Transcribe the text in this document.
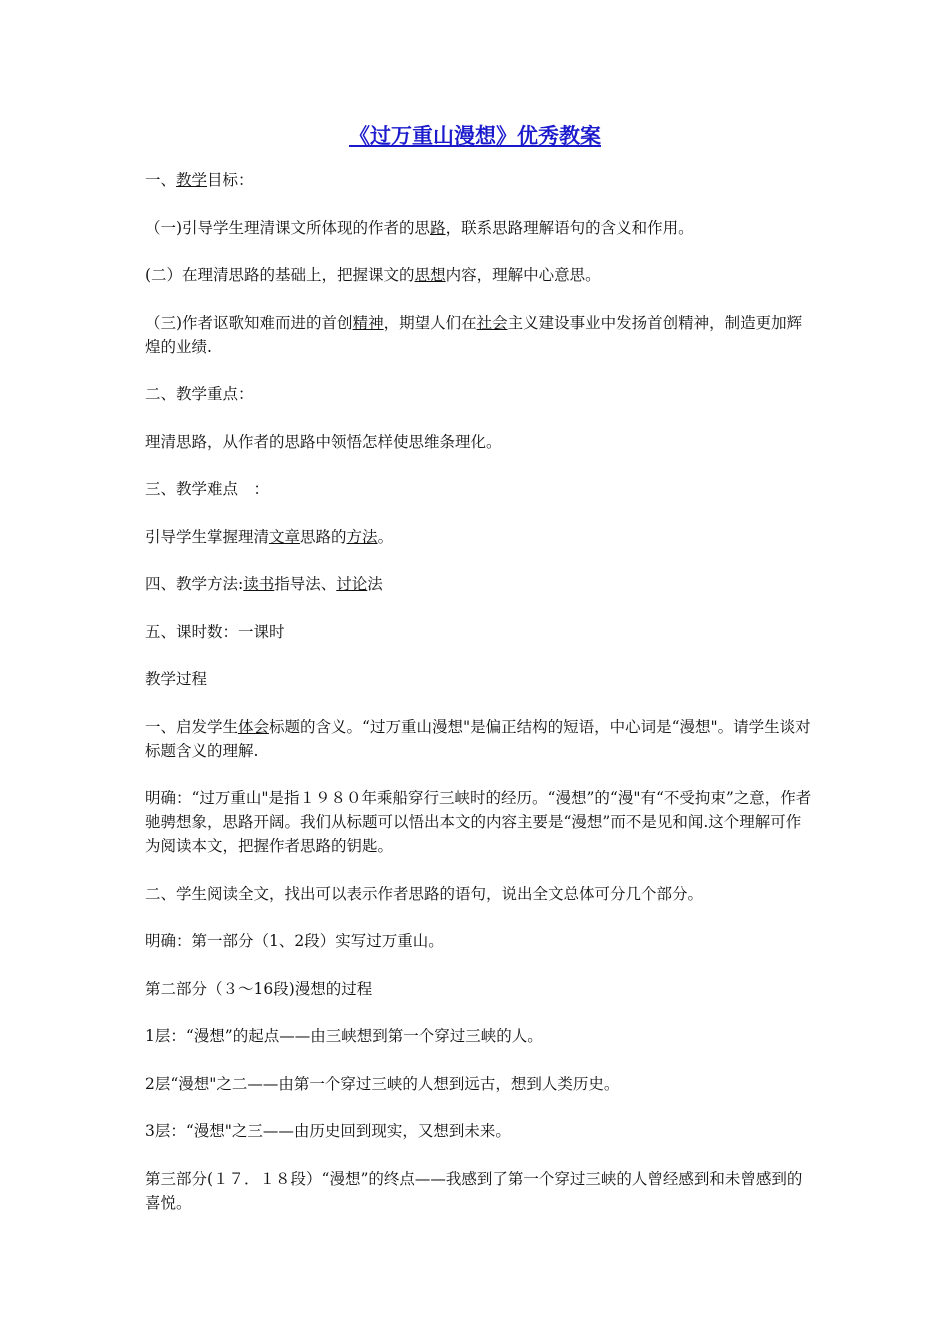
《过万重山漫想》优秀教案

一、教学目标：

（一)引导学生理清课文所体现的作者的思路，联系思路理解语句的含义和作用。

(二）在理清思路的基础上，把握课文的思想内容，理解中心意思。

（三)作者讴歌知难而进的首创精神，期望人们在社会主义建设事业中发扬首创精神，制造更加辉煌的业绩.

二、教学重点：

理清思路，从作者的思路中领悟怎样使思维条理化。

三、教学难点　：

引导学生掌握理清文章思路的方法。

四、教学方法:读书指导法、讨论法

五、课时数：一课时

教学过程

一、启发学生体会标题的含义。“过万重山漫想"是偏正结构的短语，中心词是“漫想"。请学生谈对标题含义的理解.

明确：“过万重山"是指１９８０年乘船穿行三峡时的经历。“漫想”的“漫"有“不受拘束”之意，作者驰骋想象，思路开阔。我们从标题可以悟出本文的内容主要是“漫想”而不是见和闻.这个理解可作为阅读本文，把握作者思路的钥匙。

二、学生阅读全文，找出可以表示作者思路的语句，说出全文总体可分几个部分。

明确：第一部分（1、2段）实写过万重山。

第二部分（３～16段)漫想的过程

1层：“漫想”的起点——由三峡想到第一个穿过三峡的人。

2层“漫想"之二——由第一个穿过三峡的人想到远古，想到人类历史。

3层：“漫想"之三——由历史回到现实，又想到未来。

第三部分(１７．１８段）“漫想”的终点——我感到了第一个穿过三峡的人曾经感到和未曾感到的喜悦。
